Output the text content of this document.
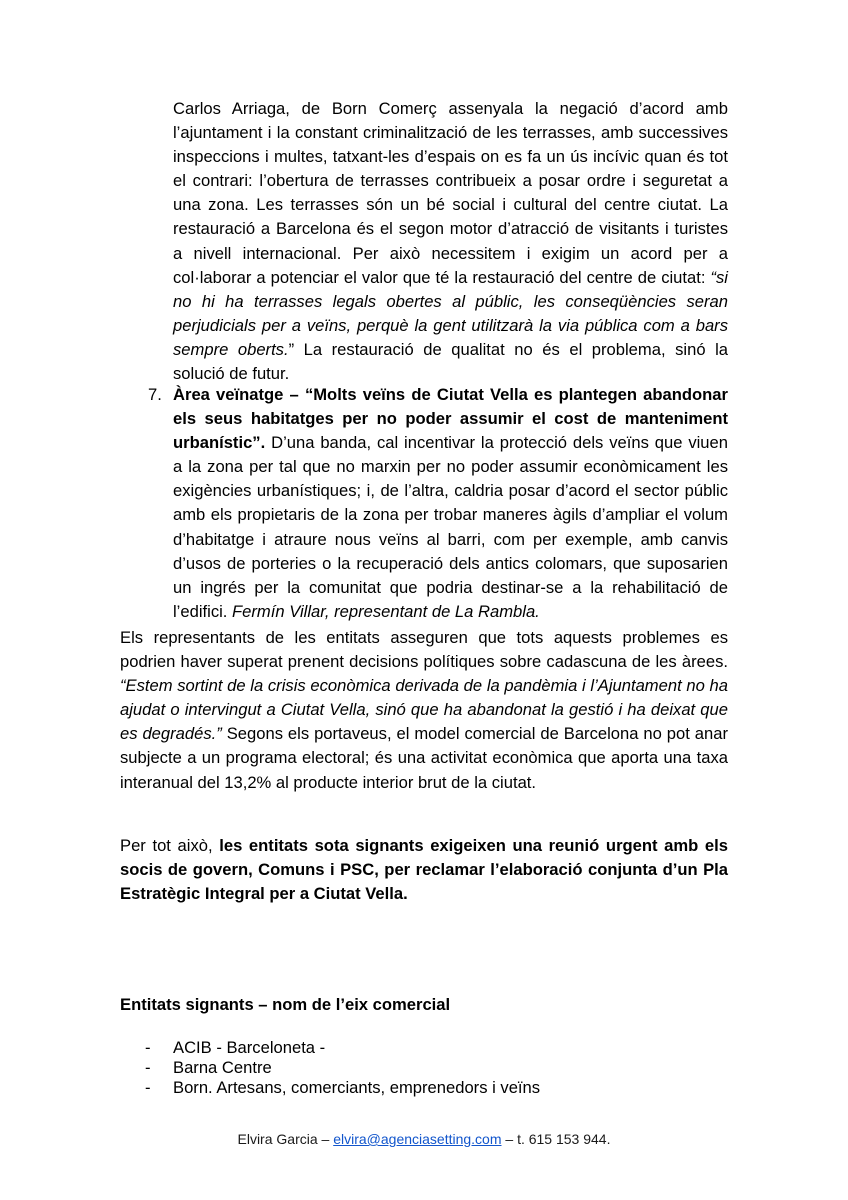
Carlos Arriaga, de Born Comerç assenyala la negació d’acord amb l’ajuntament i la constant criminalització de les terrasses, amb successives inspeccions i multes, tatxant-les d’espais on es fa un ús incívic quan és tot el contrari: l’obertura de terrasses contribueix a posar ordre i seguretat a una zona. Les terrasses són un bé social i cultural del centre ciutat. La restauració a Barcelona és el segon motor d’atracció de visitants i turistes a nivell internacional. Per això necessitem i exigim un acord per a col·laborar a potenciar el valor que té la restauració del centre de ciutat: “si no hi ha terrasses legals obertes al públic, les conseqüències seran perjudicials per a veïns, perquè la gent utilitzarà la via pública com a bars sempre oberts.” La restauració de qualitat no és el problema, sinó la solució de futur.

7. Àrea veïnatge – “Molts veïns de Ciutat Vella es plantegen abandonar els seus habitatges per no poder assumir el cost de manteniment urbanístic”. D’una banda, cal incentivar la protecció dels veïns que viuen a la zona per tal que no marxin per no poder assumir econòmicament les exigències urbanístiques; i, de l’altra, caldria posar d’acord el sector públic amb els propietaris de la zona per trobar maneres àgils d’ampliar el volum d’habitatge i atraure nous veïns al barri, com per exemple, amb canvis d’usos de porteries o la recuperació dels antics colomars, que suposarien un ingrés per la comunitat que podria destinar-se a la rehabilitació de l’edifici. Fermín Villar, representant de La Rambla.

Els representants de les entitats asseguren que tots aquests problemes es podrien haver superat prenent decisions polítiques sobre cadascuna de les àrees. “Estem sortint de la crisis econòmica derivada de la pandèmia i l’Ajuntament no ha ajudat o intervingut a Ciutat Vella, sinó que ha abandonat la gestió i ha deixat que es degradés.” Segons els portaveus, el model comercial de Barcelona no pot anar subjecte a un programa electoral; és una activitat econòmica que aporta una taxa interanual del 13,2% al producte interior brut de la ciutat.

Per tot això, les entitats sota signants exigeixen una reunió urgent amb els socis de govern, Comuns i PSC, per reclamar l’elaboració conjunta d’un Pla Estratègic Integral per a Ciutat Vella.

Entitats signants – nom de l’eix comercial
- ACIB - Barceloneta -
- Barna Centre
- Born. Artesans, comerciants, emprenedors i veïns
Elvira Garcia – elvira@agenciasetting.com – t. 615 153 944.
